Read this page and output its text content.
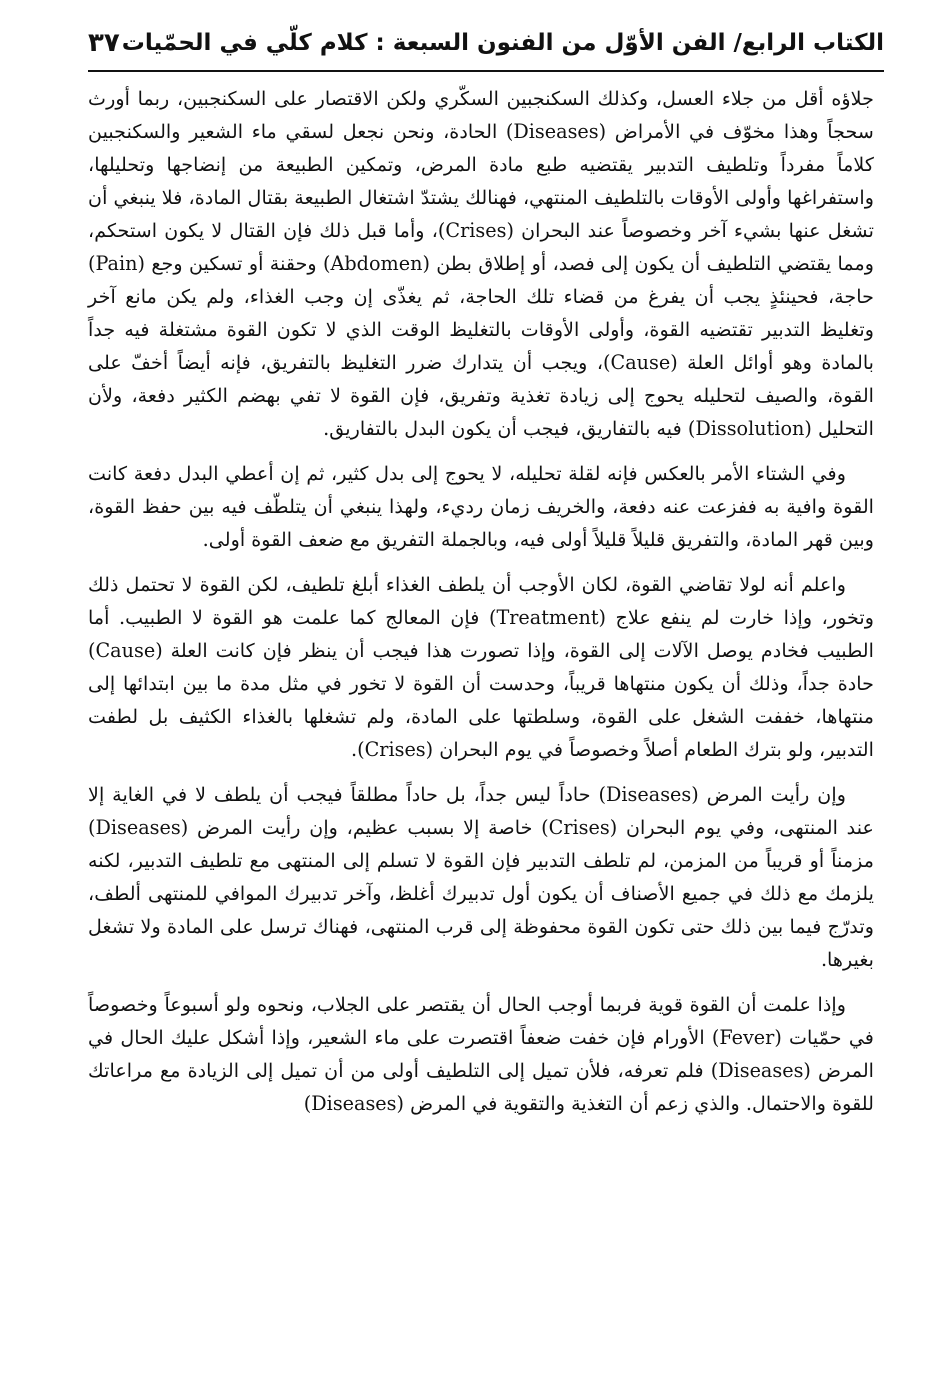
الكتاب الرابع/ الفن الأوّل من الفنون السبعة : كلام كلّي في الحمّيات
٣٧

جلاؤه أقل من جلاء العسل، وكذلك السكنجبين السكّري ولكن الاقتصار على السكنجبين، ربما أورث سحجاً وهذا مخوّف في الأمراض (Diseases) الحادة، ونحن نجعل لسقي ماء الشعير والسكنجبين كلاماً مفرداً وتلطيف التدبير يقتضيه طبع مادة المرض، وتمكين الطبيعة من إنضاجها وتحليلها، واستفراغها وأولى الأوقات بالتلطيف المنتهي، فهنالك يشتدّ اشتغال الطبيعة بقتال المادة، فلا ينبغي أن تشغل عنها بشيء آخر وخصوصاً عند البحران (Crises)، وأما قبل ذلك فإن القتال لا يكون استحكم، ومما يقتضي التلطيف أن يكون إلى فصد، أو إطلاق بطن (Abdomen) وحقنة أو تسكين وجع (Pain) حاجة، فحينئذٍ يجب أن يفرغ من قضاء تلك الحاجة، ثم يغذّى إن وجب الغذاء، ولم يكن مانع آخر وتغليظ التدبير تقتضيه القوة، وأولى الأوقات بالتغليظ الوقت الذي لا تكون القوة مشتغلة فيه جداً بالمادة وهو أوائل العلة (Cause)، ويجب أن يتدارك ضرر التغليظ بالتفريق، فإنه أيضاً أخفّ على القوة، والصيف لتحليله يحوج إلى زيادة تغذية وتفريق، فإن القوة لا تفي بهضم الكثير دفعة، ولأن التحليل (Dissolution) فيه بالتفاريق، فيجب أن يكون البدل بالتفاريق.

وفي الشتاء الأمر بالعكس فإنه لقلة تحليله، لا يحوج إلى بدل كثير، ثم إن أعطي البدل دفعة كانت القوة وافية به ففزعت عنه دفعة، والخريف زمان رديء، ولهذا ينبغي أن يتلطّف فيه بين حفظ القوة، وبين قهر المادة، والتفريق قليلاً قليلاً أولى فيه، وبالجملة التفريق مع ضعف القوة أولى.

واعلم أنه لولا تقاضي القوة، لكان الأوجب أن يلطف الغذاء أبلغ تلطيف، لكن القوة لا تحتمل ذلك وتخور، وإذا خارت لم ينفع علاج (Treatment) فإن المعالج كما علمت هو القوة لا الطبيب. أما الطبيب فخادم يوصل الآلات إلى القوة، وإذا تصورت هذا فيجب أن ينظر فإن كانت العلة (Cause) حادة جداً، وذلك أن يكون منتهاها قريباً، وحدست أن القوة لا تخور في مثل مدة ما بين ابتدائها إلى منتهاها، خففت الشغل على القوة، وسلطتها على المادة، ولم تشغلها بالغذاء الكثيف بل لطفت التدبير، ولو بترك الطعام أصلاً وخصوصاً في يوم البحران (Crises).

وإن رأيت المرض (Diseases) حاداً ليس جداً، بل حاداً مطلقاً فيجب أن يلطف لا في الغاية إلا عند المنتهى، وفي يوم البحران (Crises) خاصة إلا بسبب عظيم، وإن رأيت المرض (Diseases) مزمناً أو قريباً من المزمن، لم تلطف التدبير فإن القوة لا تسلم إلى المنتهى مع تلطيف التدبير، لكنه يلزمك مع ذلك في جميع الأصناف أن يكون أول تدبيرك أغلظ، وآخر تدبيرك الموافي للمنتهى ألطف، وتدرّج فيما بين ذلك حتى تكون القوة محفوظة إلى قرب المنتهى، فهناك ترسل على المادة ولا تشغل بغيرها.

وإذا علمت أن القوة قوية فربما أوجب الحال أن يقتصر على الجلاب، ونحوه ولو أسبوعاً وخصوصاً في حمّيات (Fever) الأورام فإن خفت ضعفاً اقتصرت على ماء الشعير، وإذا أشكل عليك الحال في المرض (Diseases) فلم تعرفه، فلأن تميل إلى التلطيف أولى من أن تميل إلى الزيادة مع مراعاتك للقوة والاحتمال. والذي زعم أن التغذية والتقوية في المرض (Diseases)
